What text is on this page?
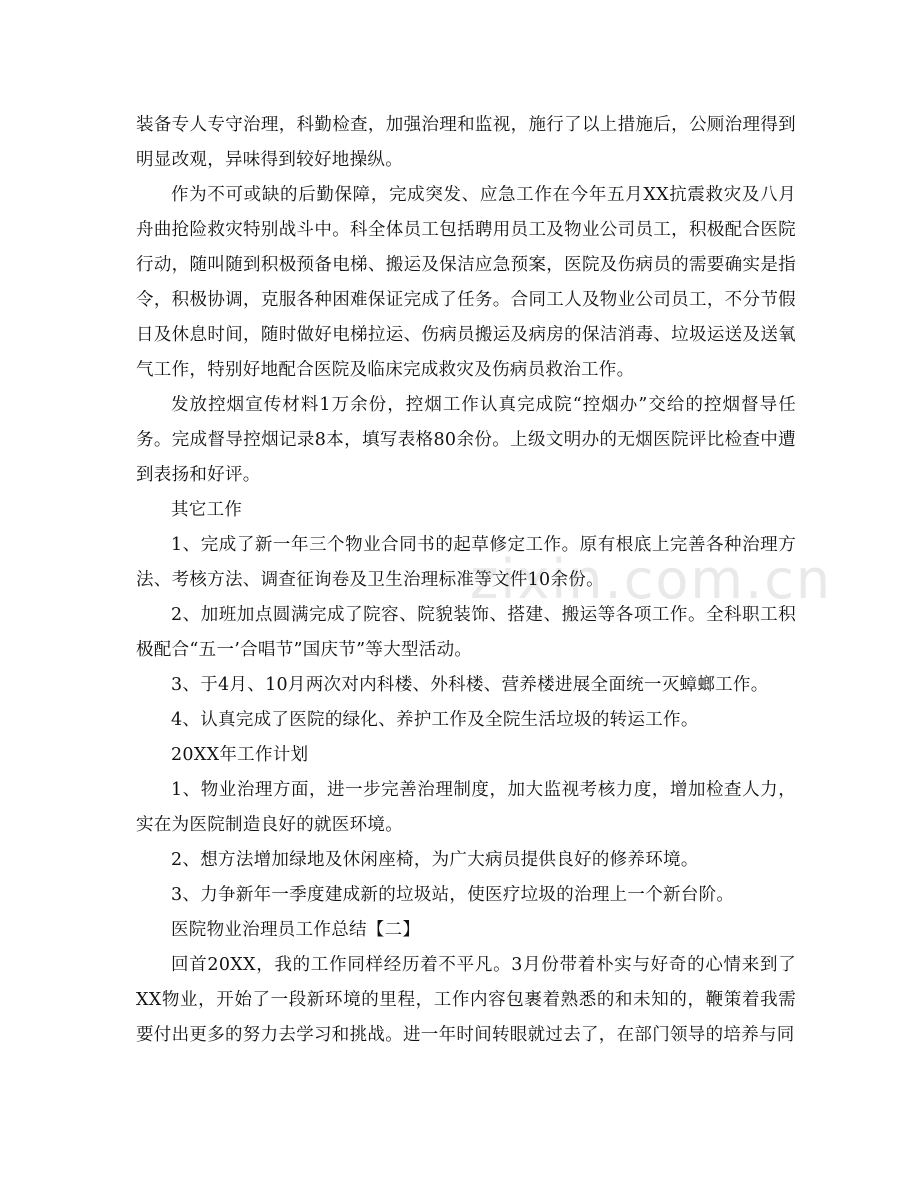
zixin.com.cn

装备专人专守治理，科勤检查，加强治理和监视，施行了以上措施后，公厕治理得到明显改观，异味得到较好地操纵。

作为不可或缺的后勤保障，完成突发、应急工作在今年五月XX抗震救灾及八月舟曲抢险救灾特别战斗中。科全体员工包括聘用员工及物业公司员工，积极配合医院行动，随叫随到积极预备电梯、搬运及保洁应急预案，医院及伤病员的需要确实是指令，积极协调，克服各种困难保证完成了任务。合同工人及物业公司员工，不分节假日及休息时间，随时做好电梯拉运、伤病员搬运及病房的保洁消毒、垃圾运送及送氧气工作，特别好地配合医院及临床完成救灾及伤病员救治工作。

发放控烟宣传材料1万余份，控烟工作认真完成院“控烟办”交给的控烟督导任务。完成督导控烟记录8本，填写表格80余份。上级文明办的无烟医院评比检查中遭到表扬和好评。

其它工作

1、完成了新一年三个物业合同书的起草修定工作。原有根底上完善各种治理方法、考核方法、调查征询卷及卫生治理标准等文件10余份。

2、加班加点圆满完成了院容、院貌装饰、搭建、搬运等各项工作。全科职工积极配合“五一’合唱节”国庆节”等大型活动。

3、于4月、10月两次对内科楼、外科楼、营养楼进展全面统一灭蟑螂工作。

4、认真完成了医院的绿化、养护工作及全院生活垃圾的转运工作。

20XX年工作计划

1、物业治理方面，进一步完善治理制度，加大监视考核力度，增加检查人力，实在为医院制造良好的就医环境。

2、想方法增加绿地及休闲座椅，为广大病员提供良好的修养环境。

3、力争新年一季度建成新的垃圾站，使医疗垃圾的治理上一个新台阶。

医院物业治理员工作总结【二】

回首20XX，我的工作同样经历着不平凡。3月份带着朴实与好奇的心情来到了XX物业，开始了一段新环境的里程，工作内容包裹着熟悉的和未知的，鞭策着我需要付出更多的努力去学习和挑战。进一年时间转眼就过去了，在部门领导的培养与同
